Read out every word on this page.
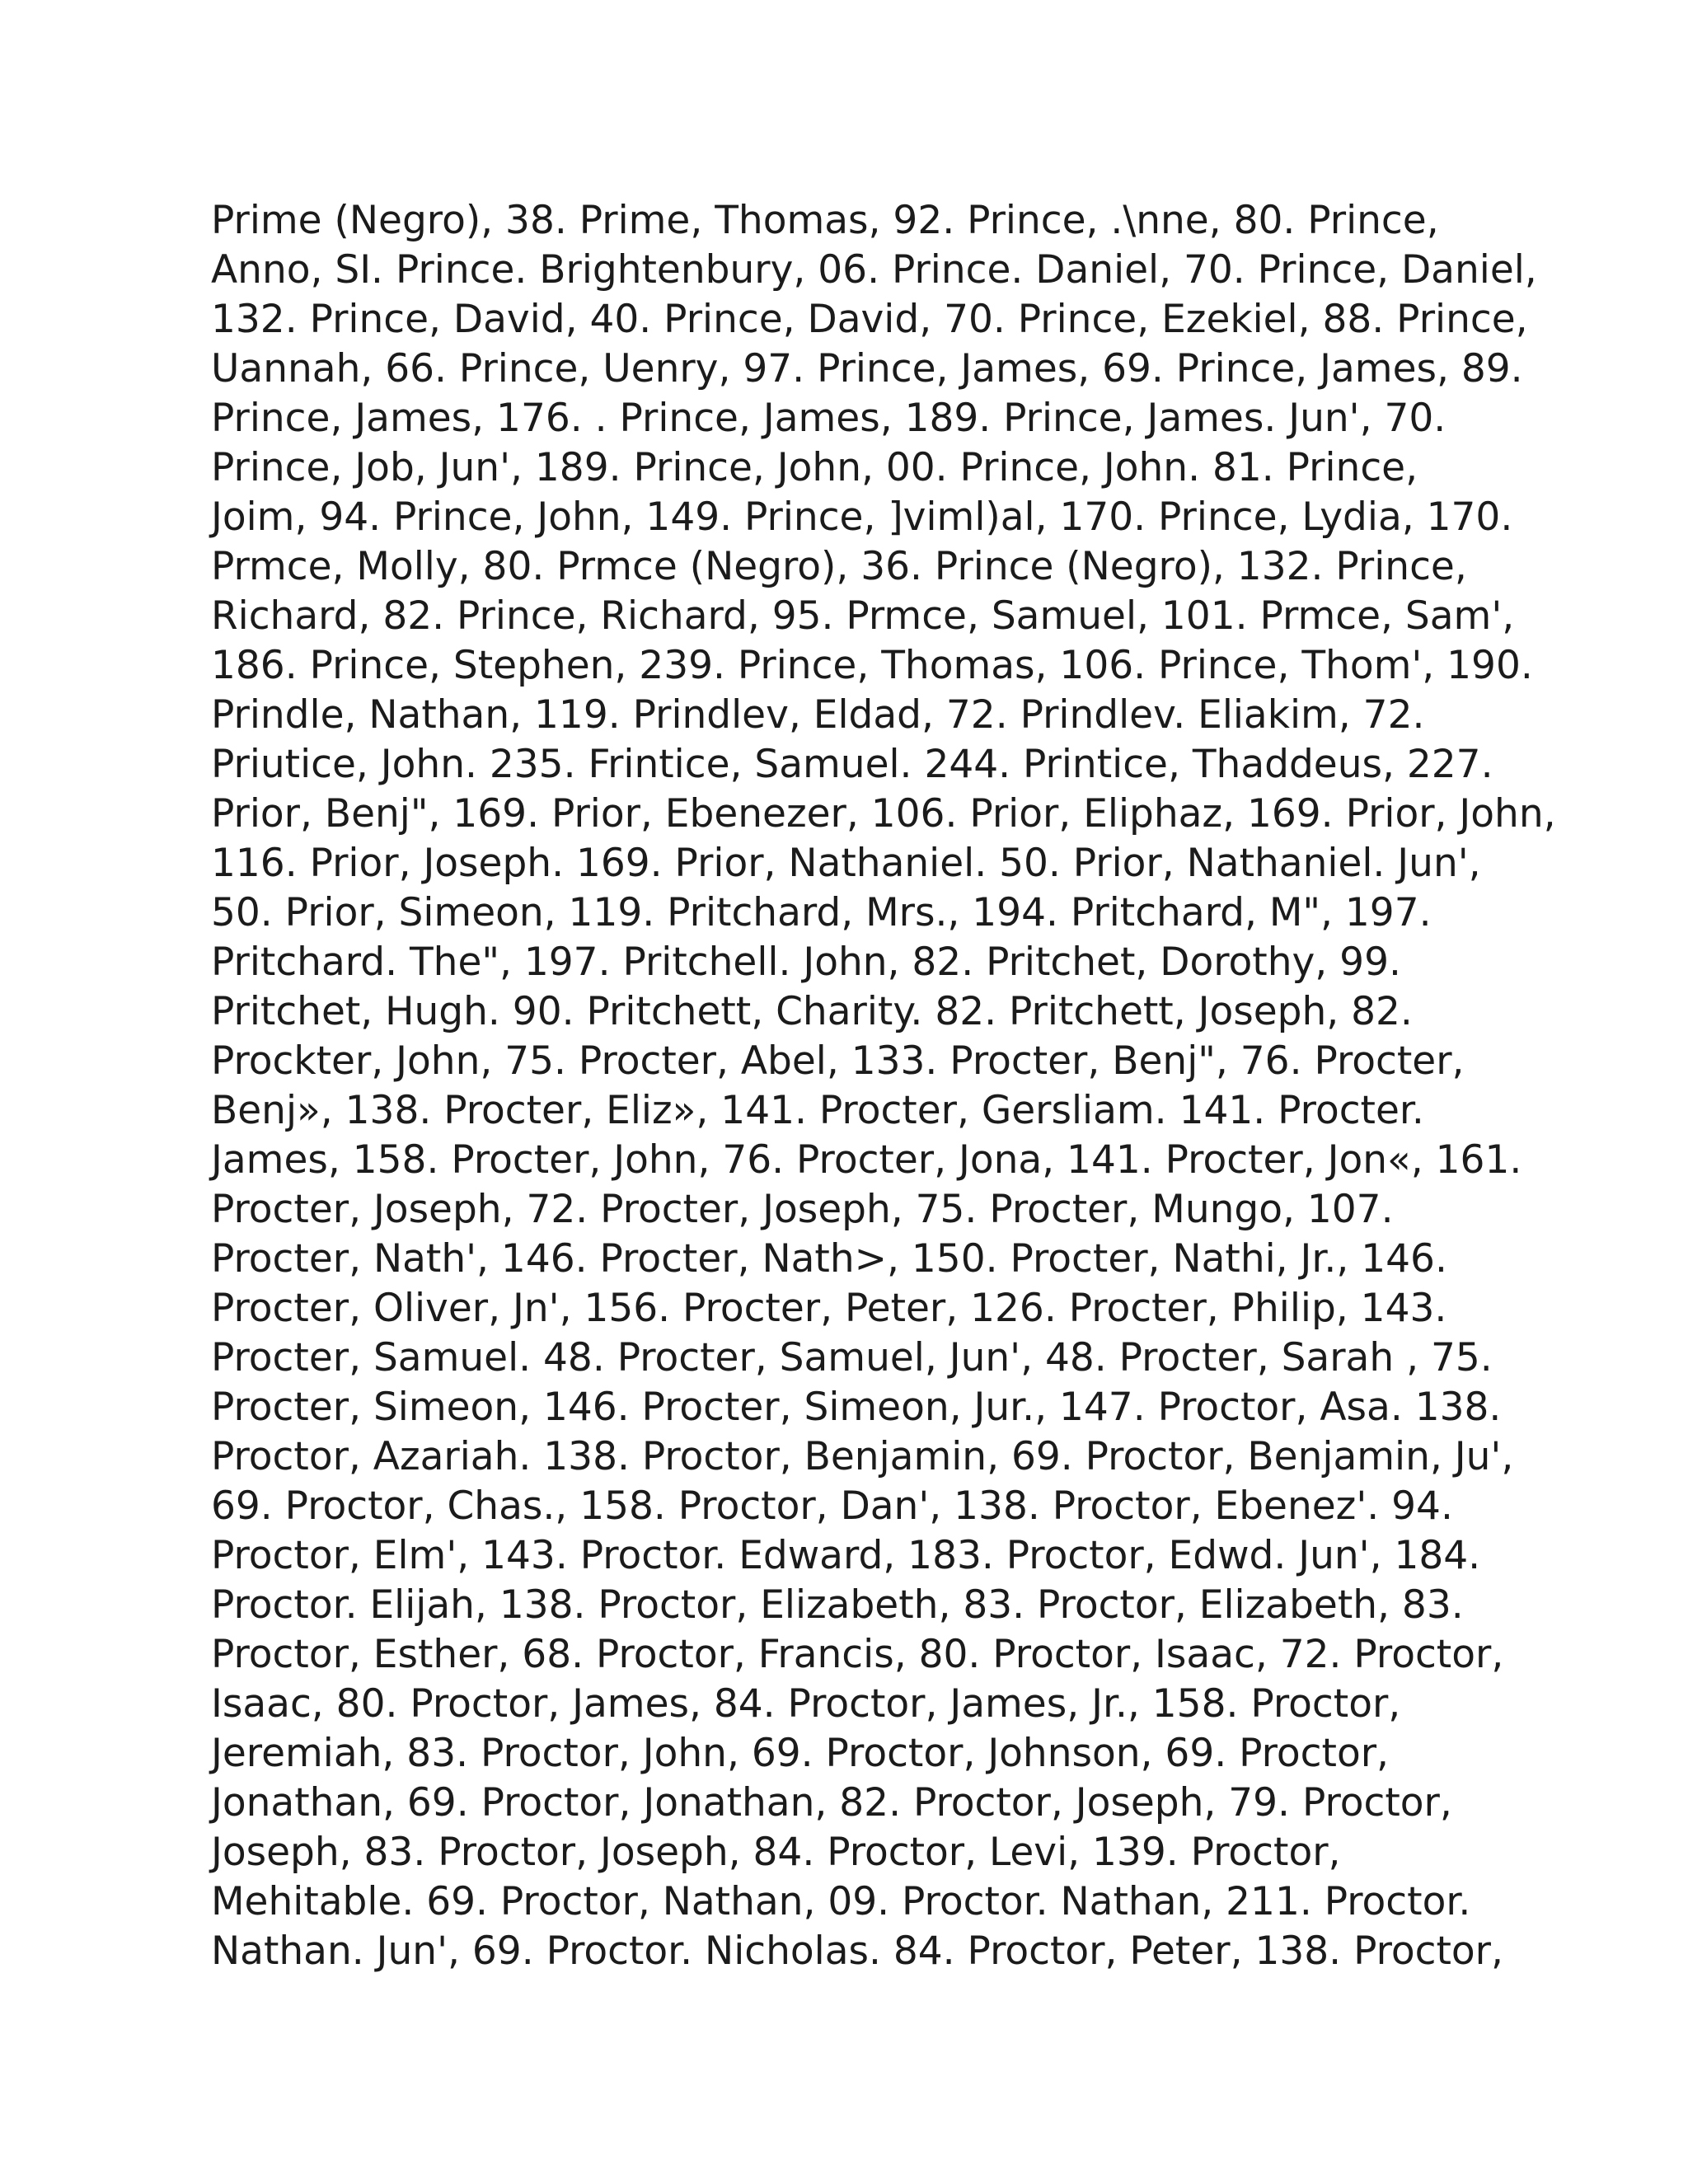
Prime (Negro), 38. Prime, Thomas, 92. Prince, .\nne, 80. Prince,
Anno, SI. Prince. Brightenbury, 06. Prince. Daniel, 70. Prince, Daniel,
132. Prince, David, 40. Prince, David, 70. Prince, Ezekiel, 88. Prince,
Uannah, 66. Prince, Uenry, 97. Prince, James, 69. Prince, James, 89.
Prince, James, 176. . Prince, James, 189. Prince, James. Jun', 70.
Prince, Job, Jun', 189. Prince, John, 00. Prince, John. 81. Prince,
Joim, 94. Prince, John, 149. Prince, ]viml)al, 170. Prince, Lydia, 170.
Prmce, Molly, 80. Prmce (Negro), 36. Prince (Negro), 132. Prince,
Richard, 82. Prince, Richard, 95. Prmce, Samuel, 101. Prmce, Sam',
186. Prince, Stephen, 239. Prince, Thomas, 106. Prince, Thom', 190.
Prindle, Nathan, 119. Prindlev, Eldad, 72. Prindlev. Eliakim, 72.
Priutice, John. 235. Frintice, Samuel. 244. Printice, Thaddeus, 227.
Prior, Benj", 169. Prior, Ebenezer, 106. Prior, Eliphaz, 169. Prior, John,
116. Prior, Joseph. 169. Prior, Nathaniel. 50. Prior, Nathaniel. Jun',
50. Prior, Simeon, 119. Pritchard, Mrs., 194. Pritchard, M", 197.
Pritchard. The", 197. Pritchell. John, 82. Pritchet, Dorothy, 99.
Pritchet, Hugh. 90. Pritchett, Charity. 82. Pritchett, Joseph, 82.
Prockter, John, 75. Procter, Abel, 133. Procter, Benj", 76. Procter,
Benj», 138. Procter, Eliz», 141. Procter, Gersliam. 141. Procter.
James, 158. Procter, John, 76. Procter, Jona, 141. Procter, Jon«, 161.
Procter, Joseph, 72. Procter, Joseph, 75. Procter, Mungo, 107.
Procter, Nath', 146. Procter, Nath>, 150. Procter, Nathi, Jr., 146.
Procter, Oliver, Jn', 156. Procter, Peter, 126. Procter, Philip, 143.
Procter, Samuel. 48. Procter, Samuel, Jun', 48. Procter, Sarah , 75.
Procter, Simeon, 146. Procter, Simeon, Jur., 147. Proctor, Asa. 138.
Proctor, Azariah. 138. Proctor, Benjamin, 69. Proctor, Benjamin, Ju',
69. Proctor, Chas., 158. Proctor, Dan', 138. Proctor, Ebenez'. 94.
Proctor, Elm', 143. Proctor. Edward, 183. Proctor, Edwd. Jun', 184.
Proctor. Elijah, 138. Proctor, Elizabeth, 83. Proctor, Elizabeth, 83.
Proctor, Esther, 68. Proctor, Francis, 80. Proctor, Isaac, 72. Proctor,
Isaac, 80. Proctor, James, 84. Proctor, James, Jr., 158. Proctor,
Jeremiah, 83. Proctor, John, 69. Proctor, Johnson, 69. Proctor,
Jonathan, 69. Proctor, Jonathan, 82. Proctor, Joseph, 79. Proctor,
Joseph, 83. Proctor, Joseph, 84. Proctor, Levi, 139. Proctor,
Mehitable. 69. Proctor, Nathan, 09. Proctor. Nathan, 211. Proctor.
Nathan. Jun', 69. Proctor. Nicholas. 84. Proctor, Peter, 138. Proctor,
